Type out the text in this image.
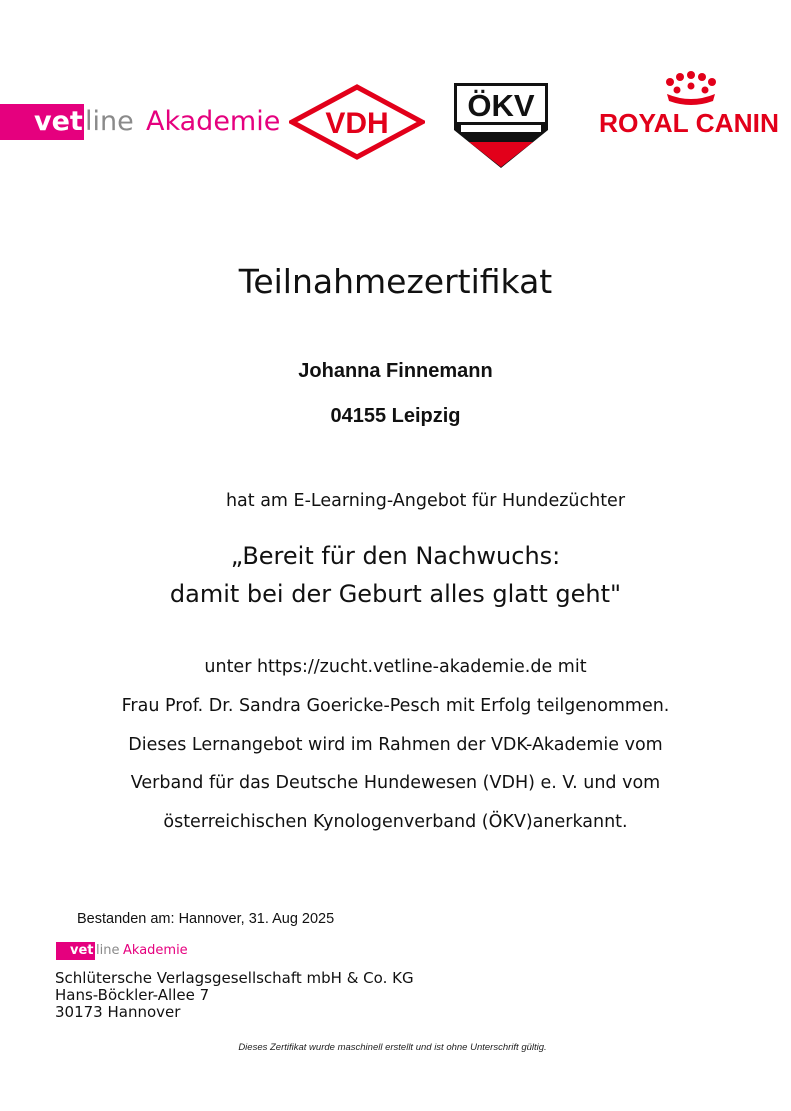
vet line Akademie VDH
ÖKV ROYAL CANIN
Teilnahmezertifikat
Johanna Finnemann
04155 Leipzig
hat am E-Learning-Angebot für Hundezüchter
„Bereit für den Nachwuchs:
damit bei der Geburt alles glatt geht"
unter https://zucht.vetline-akademie.de mit
Frau Prof. Dr. Sandra Goericke-Pesch mit Erfolg teilgenommen.
Dieses Lernangebot wird im Rahmen der VDK-Akademie vom
Verband für das Deutsche Hundewesen (VDH) e. V. und vom
österreichischen Kynologenverband (ÖKV)anerkannt.
Bestanden am: Hannover, 31. Aug 2025
vet line Akademie
Schlütersche Verlagsgesellschaft mbH & Co. KG
Hans-Böckler-Allee 7
30173 Hannover
Dieses Zertifikat wurde maschinell erstellt und ist ohne Unterschrift gültig.
